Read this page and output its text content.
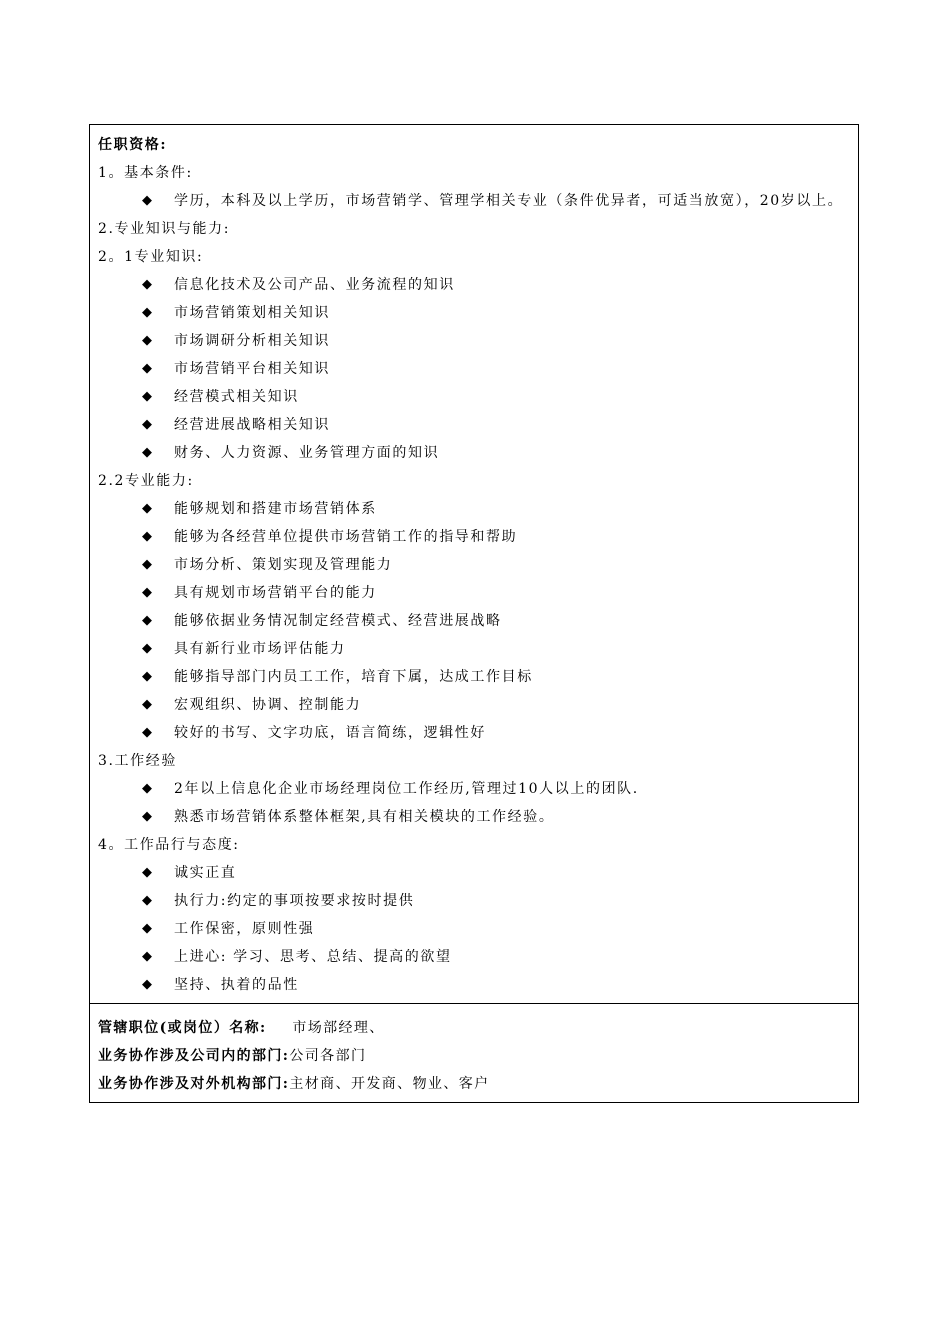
任职资格:
1。基本条件:
◆	学历，本科及以上学历，市场营销学、管理学相关专业（条件优异者，可适当放宽），20岁以上。
2.专业知识与能力:
2。1专业知识:
◆	信息化技术及公司产品、业务流程的知识
◆	市场营销策划相关知识
◆	市场调研分析相关知识
◆	市场营销平台相关知识
◆	经营模式相关知识
◆	经营进展战略相关知识
◆	财务、人力资源、业务管理方面的知识
2.2专业能力:
◆	能够规划和搭建市场营销体系
◆	能够为各经营单位提供市场营销工作的指导和帮助
◆	市场分析、策划实现及管理能力
◆	具有规划市场营销平台的能力
◆	能够依据业务情况制定经营模式、经营进展战略
◆	具有新行业市场评估能力
◆	能够指导部门内员工工作，培育下属，达成工作目标
◆	宏观组织、协调、控制能力
◆	较好的书写、文字功底，语言简练，逻辑性好
3.工作经验
◆	2年以上信息化企业市场经理岗位工作经历,管理过10人以上的团队.
◆	熟悉市场营销体系整体框架,具有相关模块的工作经验。
4。工作品行与态度:
◆	诚实正直
◆	执行力:约定的事项按要求按时提供
◆	工作保密，原则性强
◆	上进心: 学习、思考、总结、提高的欲望
◆	坚持、执着的品性
管辖职位(或岗位）名称: 市场部经理、
业务协作涉及公司内的部门:公司各部门
业务协作涉及对外机构部门:主材商、开发商、物业、客户
